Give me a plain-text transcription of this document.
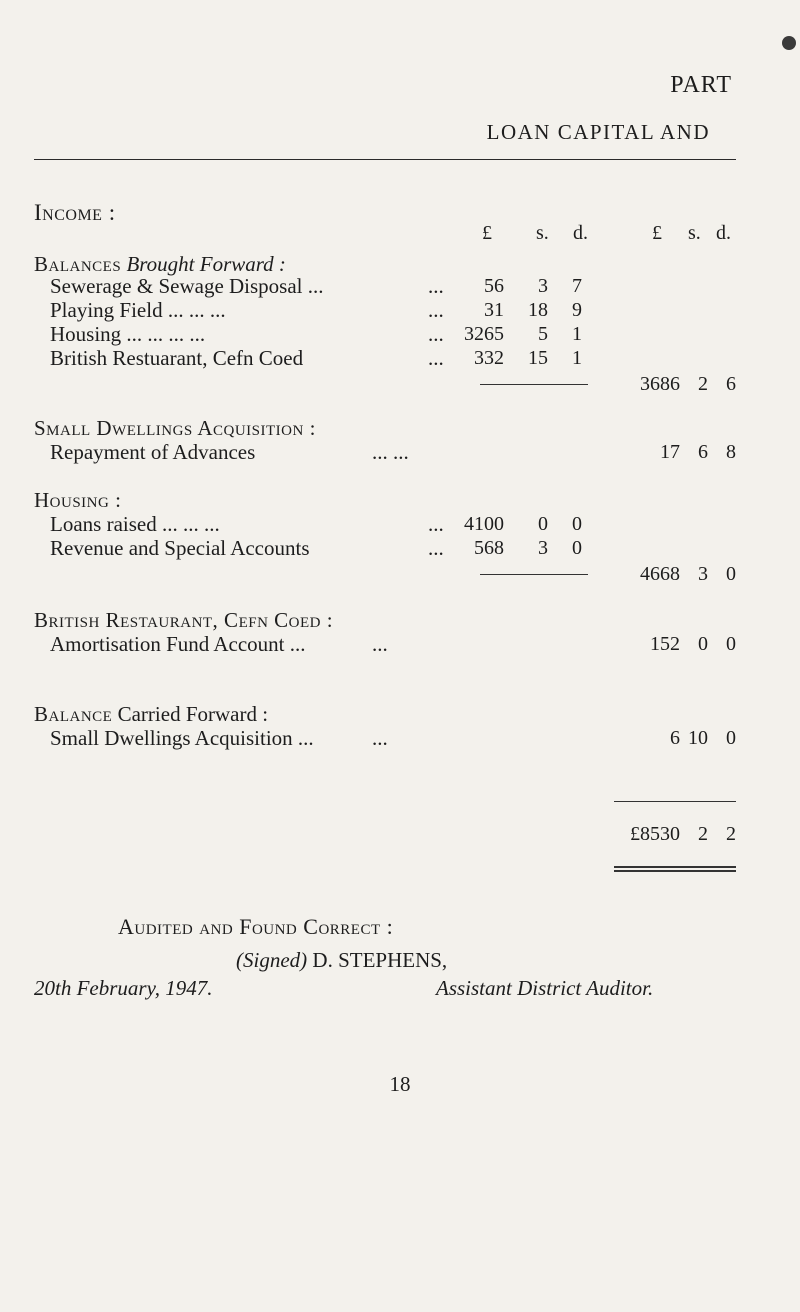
PART
LOAN CAPITAL AND
Income :
£ s. d.	£ s. d.
Balances Brought Forward :
Sewerage & Sewage Disposal ...	...	56	3	7
Playing Field ... ... ...	...	31	18	9
Housing ... ... ... ...	...	3265	5	1
British Restuarant, Cefn Coed	...	332	15	1
3686 2 6
Small Dwellings Acquisition :
Repayment of Advances	... ...	17 6 8
Housing :
Loans raised ... ... ...	...	4100	0	0
Revenue and Special Accounts	...	568	3	0
4668 3 0
British Restaurant, Cefn Coed :
Amortisation Fund Account ...	...	152 0 0
Balance Carried Forward :
Small Dwellings Acquisition ...	...	6 10 0
£8530 2 2
Audited and Found Correct :
(Signed) D. STEPHENS,
20th February, 1947.	Assistant District Auditor.
18
